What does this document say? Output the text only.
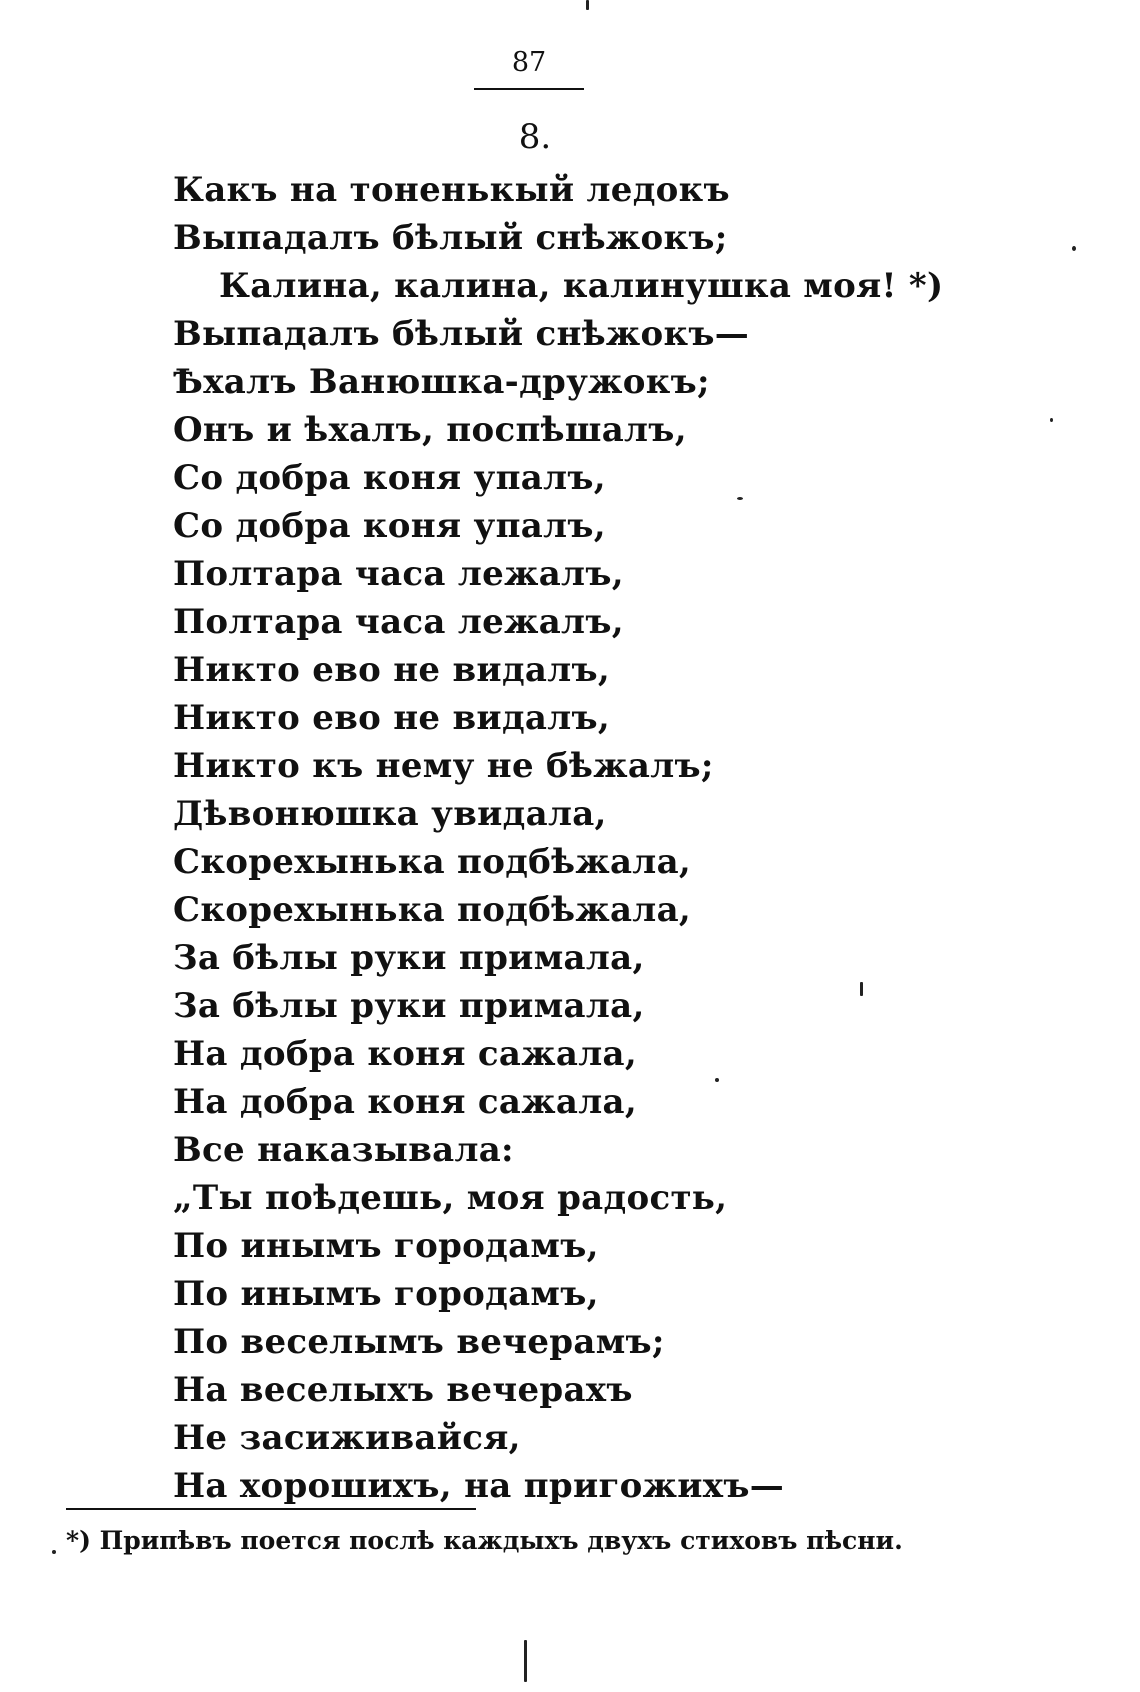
87
8.
Какъ на тоненькый ледокъ
Выпадалъ бѣлый снѣжокъ;
Калина, калина, калинушка моя! *)
Выпадалъ бѣлый снѣжокъ—
Ѣхалъ Ванюшка-дружокъ;
Онъ и ѣхалъ, поспѣшалъ,
Со добра коня упалъ,
Со добра коня упалъ,
Полтара часа лежалъ,
Полтара часа лежалъ,
Никто ево не видалъ,
Никто ево не видалъ,
Никто къ нему не бѣжалъ;
Дѣвонюшка увидала,
Скорехынька подбѣжала,
Скорехынька подбѣжала,
За бѣлы руки примала,
За бѣлы руки примала,
На добра коня сажала,
На добра коня сажала,
Все наказывала:
„Ты поѣдешь, моя радость,
По инымъ городамъ,
По инымъ городамъ,
По веселымъ вечерамъ;
На веселыхъ вечерахъ
Не засиживайся,
На хорошихъ, на пригожихъ—
*) Припѣвъ поется послѣ каждыхъ двухъ стиховъ пѣсни.
